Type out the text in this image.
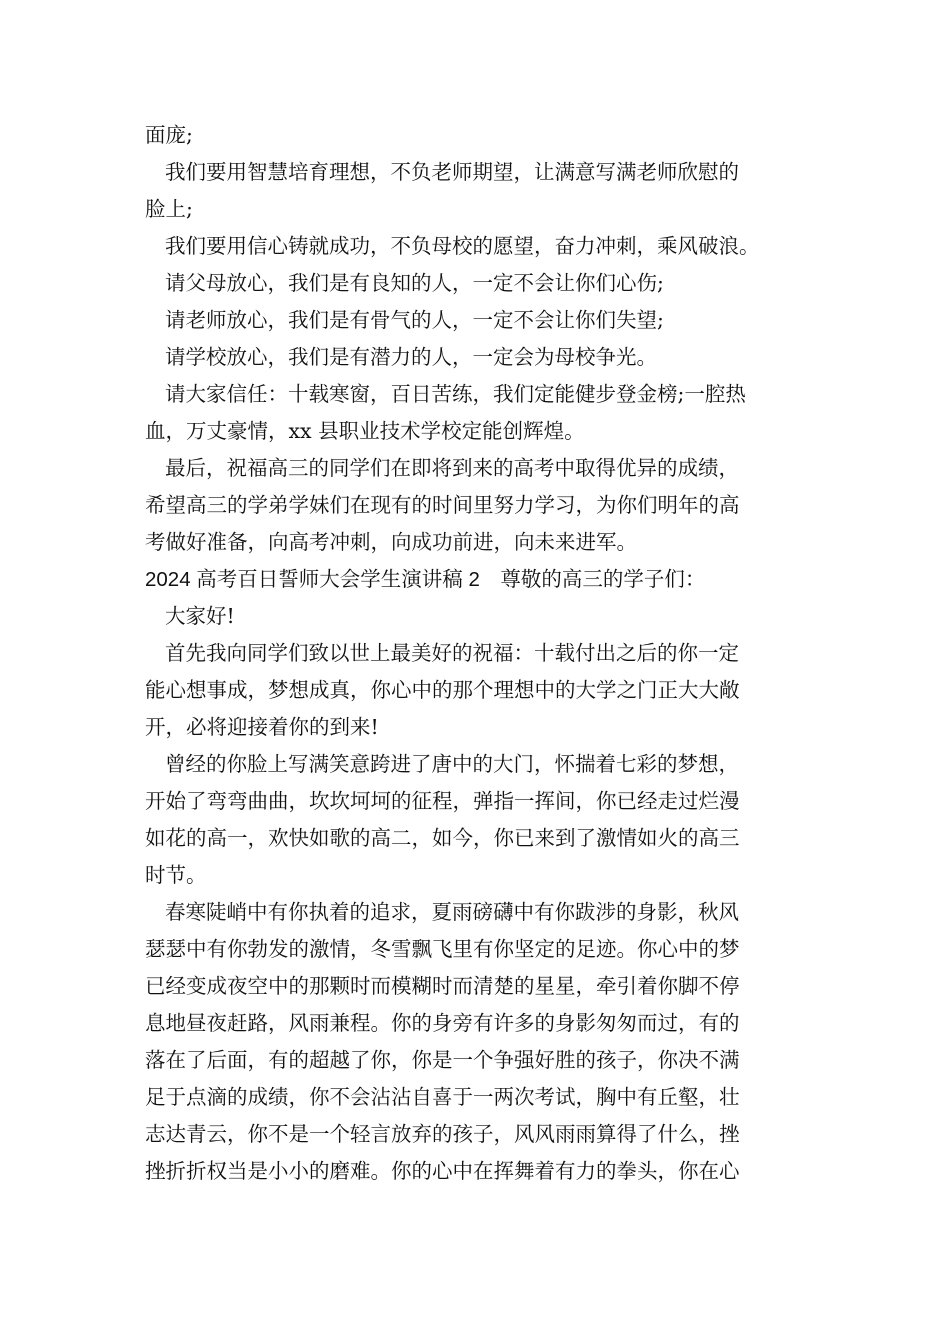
面庞;
我们要用智慧培育理想，不负老师期望，让满意写满老师欣慰的
脸上;
我们要用信心铸就成功，不负母校的愿望，奋力冲刺，乘风破浪。
请父母放心，我们是有良知的人，一定不会让你们心伤;
请老师放心，我们是有骨气的人，一定不会让你们失望;
请学校放心，我们是有潜力的人，一定会为母校争光。
请大家信任：十载寒窗，百日苦练，我们定能健步登金榜;一腔热
血，万丈豪情，xx 县职业技术学校定能创辉煌。
最后，祝福高三的同学们在即将到来的高考中取得优异的成绩，
希望高三的学弟学妹们在现有的时间里努力学习，为你们明年的高
考做好准备，向高考冲刺，向成功前进，向未来进军。
2024 高考百日誓师大会学生演讲稿 2　尊敬的高三的学子们：
大家好!
首先我向同学们致以世上最美好的祝福：十载付出之后的你一定
能心想事成，梦想成真，你心中的那个理想中的大学之门正大大敞
开，必将迎接着你的到来!
曾经的你脸上写满笑意跨进了唐中的大门，怀揣着七彩的梦想，
开始了弯弯曲曲，坎坎坷坷的征程，弹指一挥间，你已经走过烂漫
如花的高一，欢快如歌的高二，如今，你已来到了激情如火的高三
时节。
春寒陡峭中有你执着的追求，夏雨磅礴中有你跋涉的身影，秋风
瑟瑟中有你勃发的激情，冬雪飘飞里有你坚定的足迹。你心中的梦
已经变成夜空中的那颗时而模糊时而清楚的星星，牵引着你脚不停
息地昼夜赶路，风雨兼程。你的身旁有许多的身影匆匆而过，有的
落在了后面，有的超越了你，你是一个争强好胜的孩子，你决不满
足于点滴的成绩，你不会沾沾自喜于一两次考试，胸中有丘壑，壮
志达青云，你不是一个轻言放弃的孩子，风风雨雨算得了什么，挫
挫折折权当是小小的磨难。你的心中在挥舞着有力的拳头，你在心
